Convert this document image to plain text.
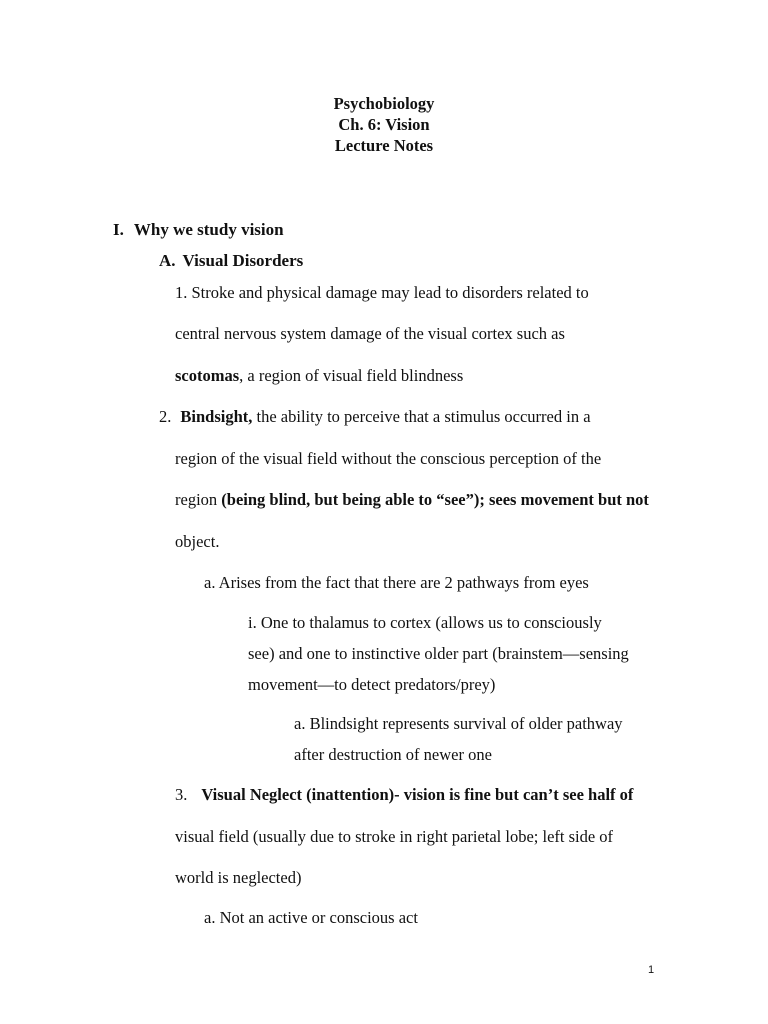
Psychobiology
Ch. 6: Vision
Lecture Notes
I. Why we study vision
A. Visual Disorders
1. Stroke and physical damage may lead to disorders related to
central nervous system damage of the visual cortex such as
scotomas, a region of visual field blindness
2. Bindsight, the ability to perceive that a stimulus occurred in a
region of the visual field without the conscious perception of the
region (being blind, but being able to “see”); sees movement but not
object.
a. Arises from the fact that there are 2 pathways from eyes
i. One to thalamus to cortex (allows us to consciously
see) and one to instinctive older part (brainstem—sensing
movement—to detect predators/prey)
a. Blindsight represents survival of older pathway
after destruction of newer one
3. Visual Neglect (inattention)- vision is fine but can’t see half of
visual field (usually due to stroke in right parietal lobe; left side of
world is neglected)
a. Not an active or conscious act
1
